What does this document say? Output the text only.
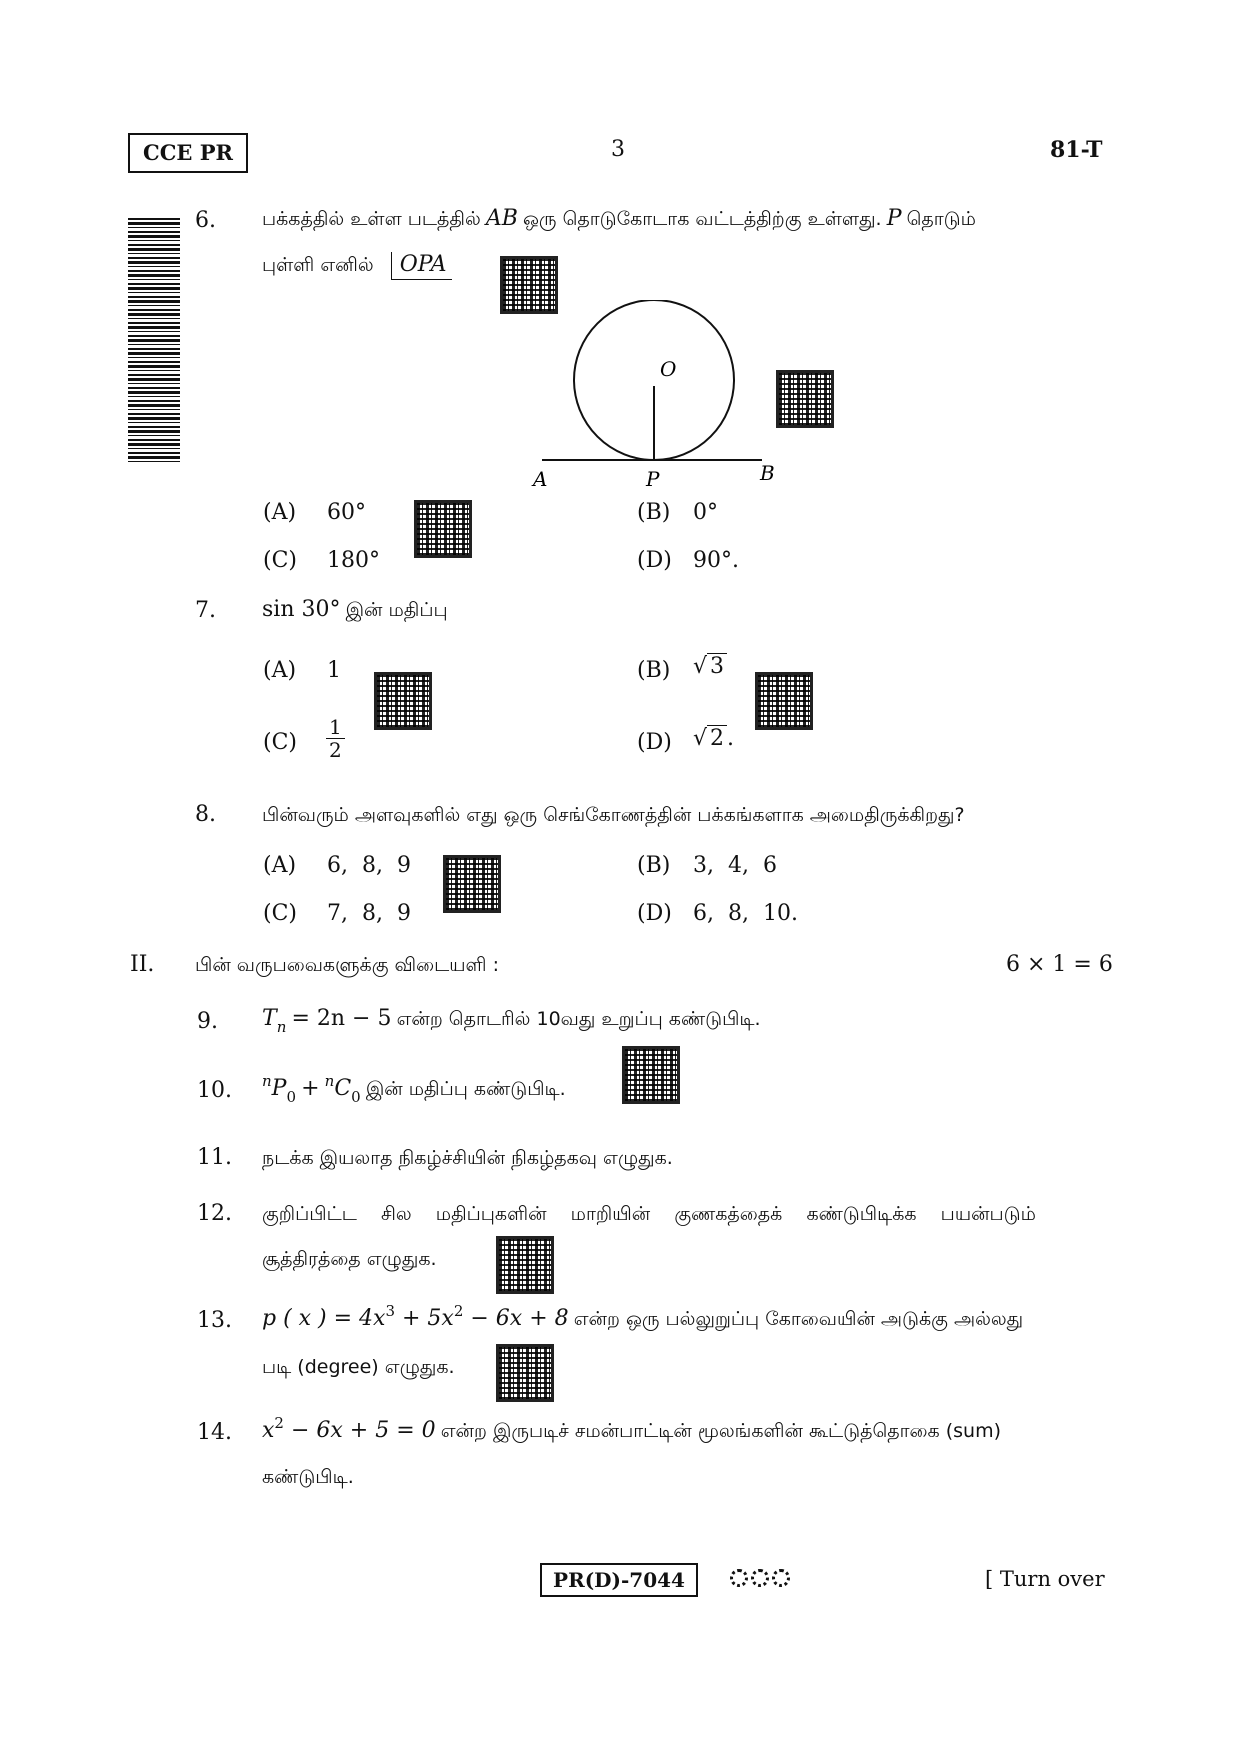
CCE PR	3	81-T
6. பக்கத்தில் உள்ள படத்தில் AB ஒரு தொடுகோடாக வட்டத்திற்கு உள்ளது. P தொடும்
புள்ளி எனில் OPA
O
A	P	B
(A) 60°	(B) 0°
(C) 180°	(D) 90°.
7. sin 30° இன் மதிப்பு
(A) 1	(B) √ 3
$(C) \frac{1}{2}$	(D) √ 2 .
8. பின்வரும் அளவுகளில் எது ஒரு செங்கோணத்தின் பக்கங்களாக அமைதிருக்கிறது?
(A) 6,  8,  9	(B) 3,  4,  6
(C) 7,  8,  9	(D) 6,  8,  10.
II. பின் வருபவைகளுக்கு விடையளி :	6 × 1 = 6
9. Tn = 2n − 5 என்ற தொடரில் 10வது உறுப்பு கண்டுபிடி.
10. nP0 + nC0 இன் மதிப்பு கண்டுபிடி.
11. நடக்க இயலாத நிகழ்ச்சியின் நிகழ்தகவு எழுதுக.
12. குறிப்பிட்ட    சில    மதிப்புகளின்    மாறியின்    குணகத்தைக்    கண்டுபிடிக்க    பயன்படும்
சூத்திரத்தை எழுதுக.
13. p ( x ) = 4x3 + 5x2 − 6x + 8 என்ற ஒரு பல்லுறுப்பு கோவையின் அடுக்கு அல்லது
படி (degree) எழுதுக.
14. x2 − 6x + 5 = 0 என்ற இருபடிச் சமன்பாட்டின் மூலங்களின் கூட்டுத்தொகை (sum)
கண்டுபிடி.
PR(D)-7044	[ Turn over
